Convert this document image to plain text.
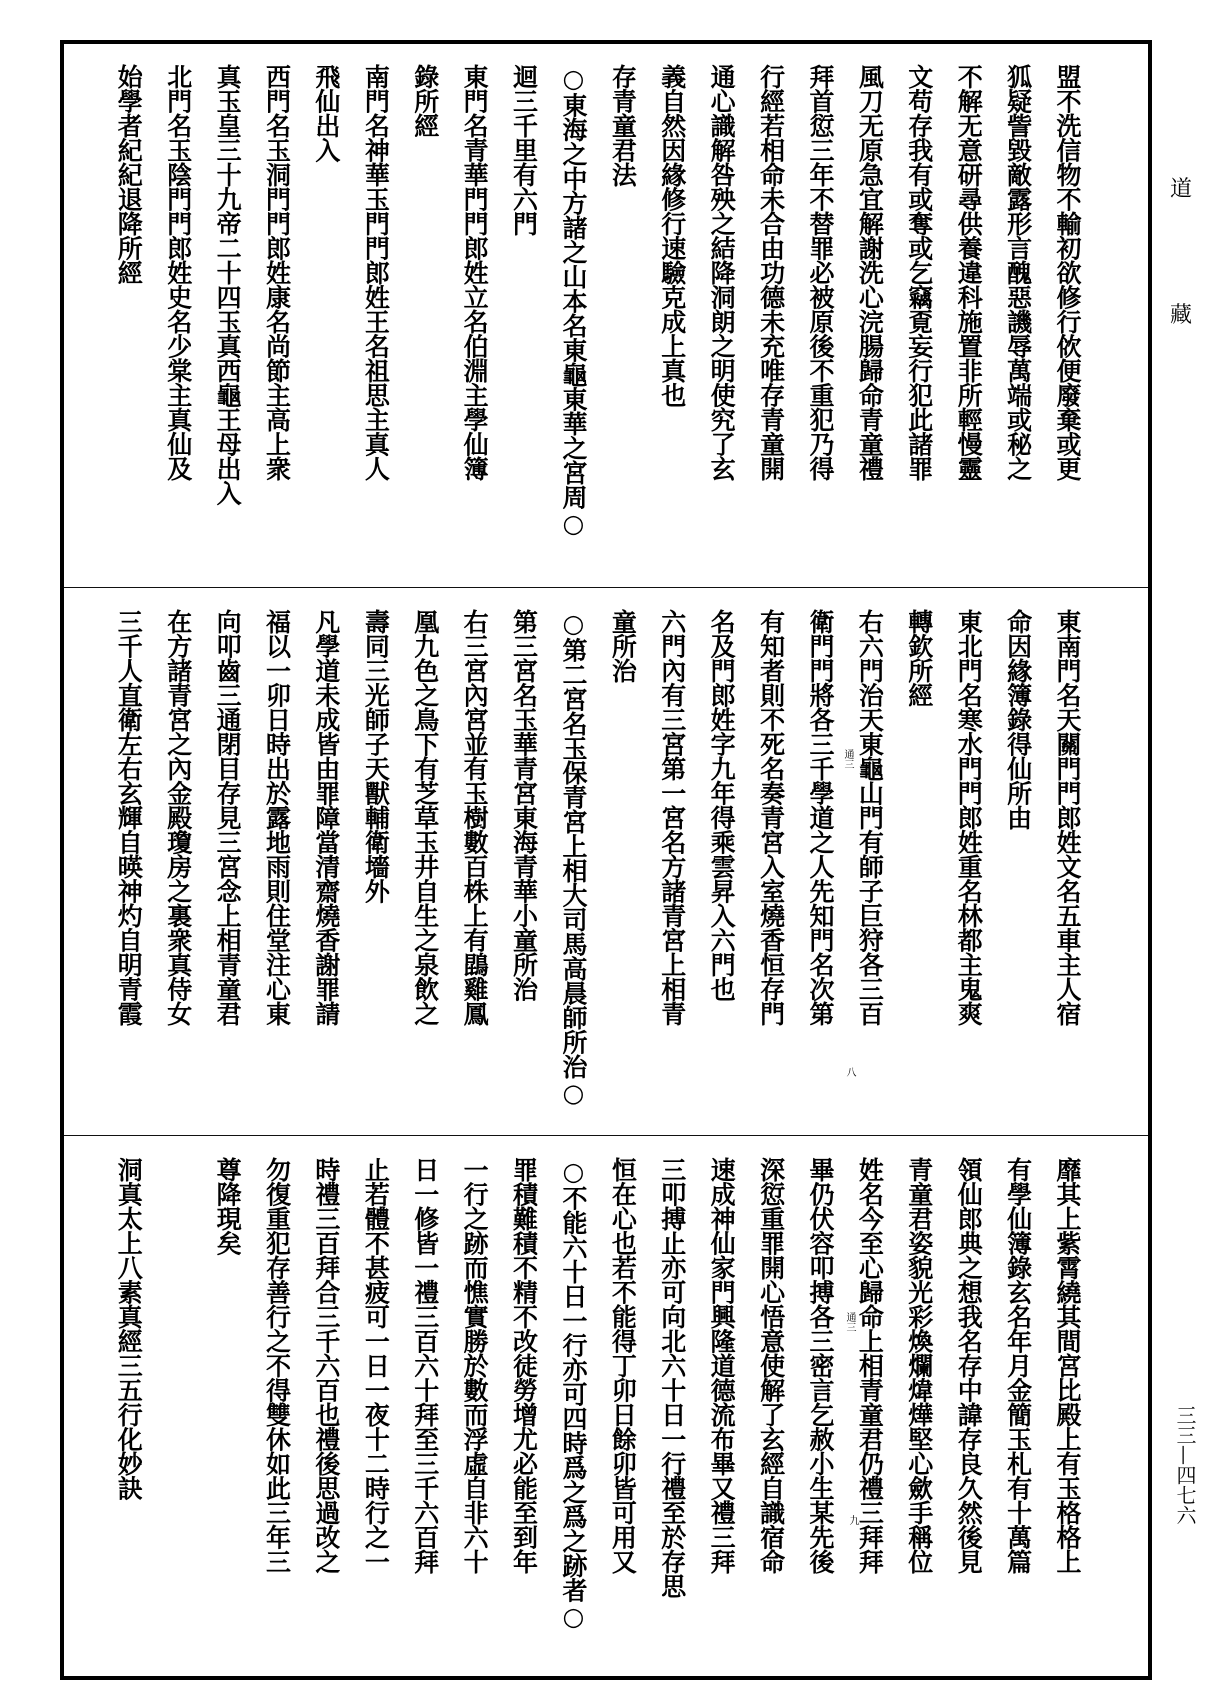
道
藏
三三—四七六
盟不洗信物不輸初欲修行佽便廢棄或更
狐疑訾毀敵露形言醜惡譏辱萬端或秘之
不解无意研尋供養違科施置非所輕慢靈
文苟存我有或奪或乞竊覔妄行犯此諸罪
風刀无原急宜解謝洗心浣腸歸命青童禮
拜首愆三年不替罪必被原後不重犯乃得
行經若相命未合由功德未充唯存青童開
通心識解咎殃之結降洞朗之明使究了玄
義自然因緣修行速驗克成上真也
存青童君法
○東海之中方諸之山本名東龜東華之宮周○
迴三千里有六門
東門名青華門門郎姓立名伯淵主學仙簿
錄所經
南門名神華玉門門郎姓王名祖思主真人
飛仙出入
西門名玉洞門門郎姓康名尚節主高上衆
真玉皇三十九帝二十四玉真西龜王母出入
北門名玉陰門門郎姓史名少棠主真仙及
始學者紀紀退降所經
東南門名天關門門郎姓文名五車主人宿
命因緣簿錄得仙所由
東北門名寒水門門郎姓重名林都主鬼爽
轉欽所經
右六門治天東龜山門有師子巨狩各三百
衛門門將各三千學道之人先知門名次第
有知者則不死名奏青宮入室燒香恒存門
名及門郎姓字九年得乘雲昇入六門也
六門內有三宮第一宮名方諸青宮上相青
童所治
○第二宮名玉保青宮上相大司馬高晨師所治○
第三宮名玉華青宮東海青華小童所治
右三宮內宮並有玉樹數百株上有鵾雞鳳
凰九色之鳥下有芝草玉井自生之泉飲之
壽同三光師子天獸輔衛墻外
凡學道未成皆由罪障當清齋燒香謝罪請
福以一卯日時出於露地雨則住堂注心東
向叩齒三通閉目存見三宮念上相青童君
在方諸青宮之內金殿瓊房之裏衆真侍女
三千人直衛左右玄輝自暎神灼自明青霞	通三
八
靡其上紫霄繞其間宮比殿上有玉格格上
有學仙簿錄玄名年月金簡玉札有十萬篇
領仙郎典之想我名存中諱存良久然後見
青童君姿貌光彩煥爛煒燁堅心歛手稱位
姓名今至心歸命上相青童君仍禮三拜拜
畢仍伏容叩搏各三密言乞赦小生某先後
深愆重罪開心悟意使解了玄經自識宿命
速成神仙家門興隆道德流布畢又禮三拜
三叩搏止亦可向北六十日一行禮至於存思
恒在心也若不能得丁卯日餘卯皆可用又
○不能六十日一行亦可四時爲之爲之跡者○
罪積難積不精不改徒勞增尤必能至到年
一行之跡而憔實勝於數而浮虛自非六十
日一修皆一禮三百六十拜至三千六百拜
止若體不甚疲可一日一夜十二時行之一
時禮三百拜合三千六百也禮後思過改之
勿復重犯存善行之不得雙休如此三年三
尊降現矣
洞真太上八素真經三五行化妙訣	通三
九
